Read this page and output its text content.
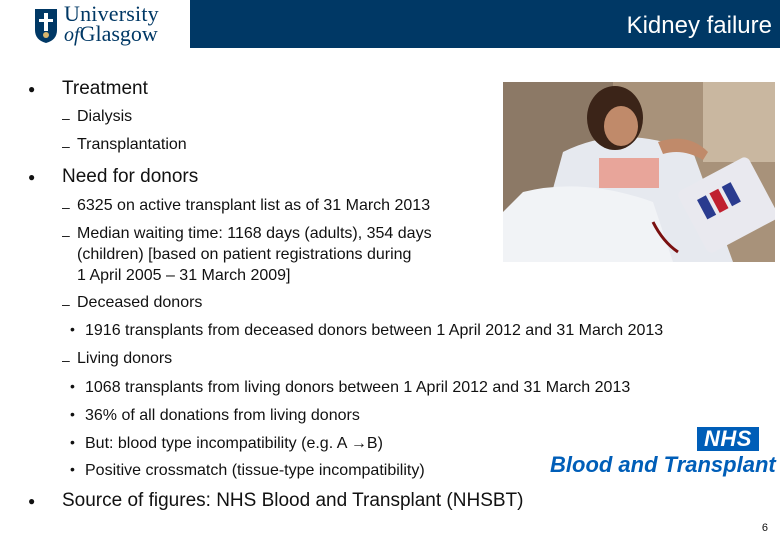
University
ofGlasgow	Kidney failure
● Treatment
– Dialysis
– Transplantation
● Need for donors
– 6325 on active transplant list as of 31 March 2013
– Median waiting time: 1168 days (adults), 354 days
(children) [based on patient registrations during
1 April 2005 – 31 March 2009]
– Deceased donors
• 1916 transplants from deceased donors between 1 April 2012 and 31 March 2013
– Living donors
• 1068 transplants from living donors between 1 April 2012 and 31 March 2013
• 36% of all donations from living donors
• But: blood type incompatibility (e.g. A →B)
• Positive crossmatch (tissue-type incompatibility)
● Source of figures: NHS Blood and Transplant (NHSBT)
NHS
Blood and Transplant
6
